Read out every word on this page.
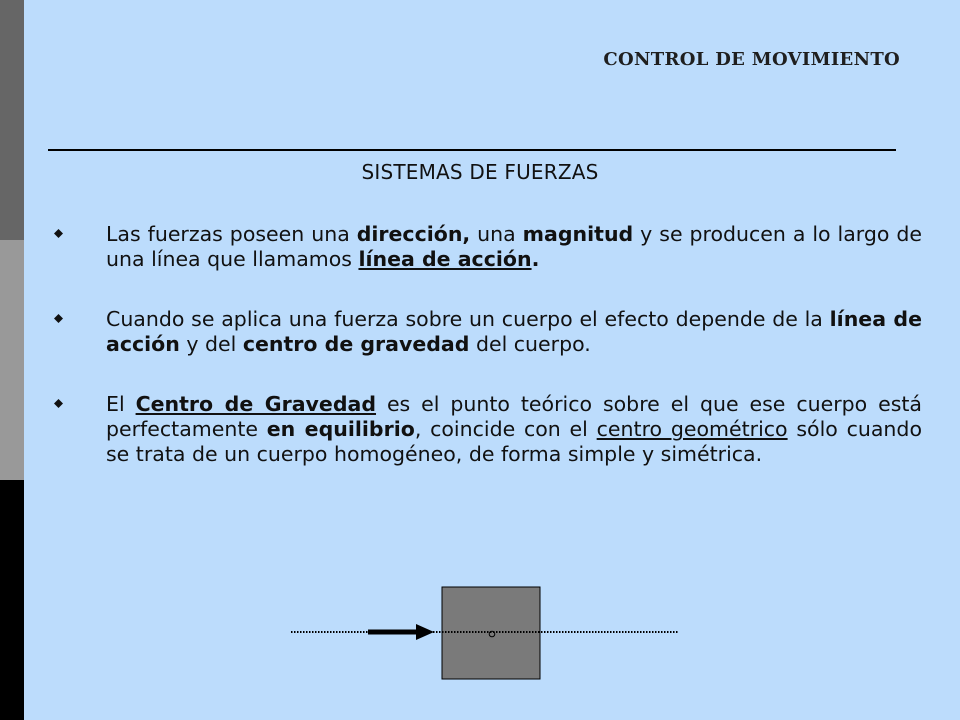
CONTROL DE MOVIMIENTO
SISTEMAS DE FUERZAS
Las fuerzas poseen una dirección, una magnitud y se producen a lo largo de una línea que llamamos línea de acción.
Cuando se aplica una fuerza sobre un cuerpo el efecto depende de la línea de acción y del centro de gravedad del cuerpo.
El Centro de Gravedad es el punto teórico sobre el que ese cuerpo está perfectamente en equilibrio, coincide con el centro geométrico sólo cuando se trata de un cuerpo homogéneo, de forma simple y simétrica.
